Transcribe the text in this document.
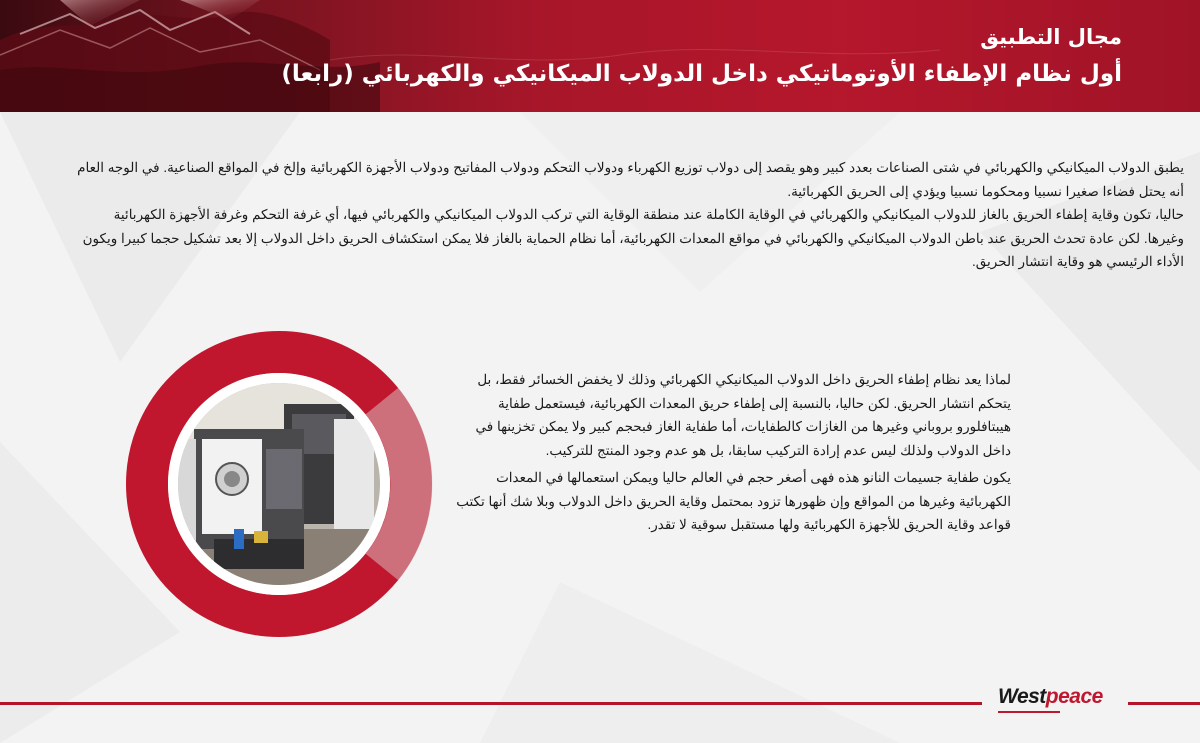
مجال التطبيق
أول نظام الإطفاء الأوتوماتيكي داخل الدولاب الميكانيكي والكهربائي (رابعا)

يطبق الدولاب الميكانيكي والكهربائي في شتى الصناعات بعدد كبير وهو يقصد إلى دولاب توزيع الكهرباء ودولاب التحكم ودولاب المفاتيح ودولاب الأجهزة الكهربائية وإلخ في المواقع الصناعية. في الوجه العام أنه يحتل فضاءا صغيرا نسبيا ومحكوما نسبيا ويؤدي إلى الحريق الكهربائية.

حاليا، تكون وقاية إطفاء الحريق بالغاز للدولاب الميكانيكي والكهربائي في الوقاية الكاملة عند منطقة الوقاية التي تركب الدولاب الميكانيكي والكهربائي فيها، أي غرفة التحكم وغرفة الأجهزة الكهربائية وغيرها. لكن عادة تحدث الحريق عند باطن الدولاب الميكانيكي والكهربائي في مواقع المعدات الكهربائية، أما نظام الحماية بالغاز فلا يمكن استكشاف الحريق داخل الدولاب إلا بعد تشكيل حجما كبيرا ويكون الأداء الرئيسي هو وقاية انتشار الحريق.

لماذا يعد نظام إطفاء الحريق داخل الدولاب الميكانيكي الكهربائي وذلك لا يخفض الخسائر فقط، بل يتحكم انتشار الحريق. لكن حاليا، بالنسبة إلى إطفاء حريق المعدات الكهربائية، فيستعمل طفاية هيبتافلورو بروباني وغيرها من الغازات كالطفايات، أما طفاية الغاز فبحجم كبير ولا يمكن تخزينها في داخل الدولاب ولذلك ليس عدم إرادة التركيب سابقا، بل هو عدم وجود المنتج للتركيب.

يكون طفاية جسيمات النانو هذه فهى أصغر حجم في العالم حاليا ويمكن استعمالها في المعدات الكهربائية وغيرها من المواقع وإن ظهورها تزود بمحتمل وقاية الحريق داخل الدولاب وبلا شك أنها تكتب قواعد وقاية الحريق للأجهزة الكهربائية ولها مستقبل سوقية لا تقدر.

Westpeace
